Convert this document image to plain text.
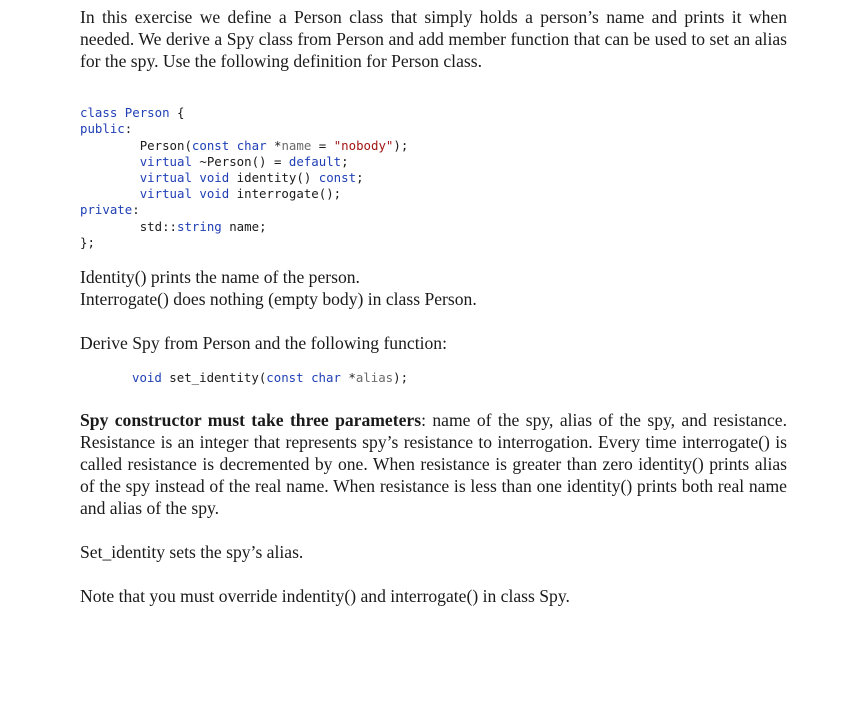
In this exercise we define a Person class that simply holds a person’s name and prints it when needed. We derive a Spy class from Person and add member function that can be used to set an alias for the spy. Use the following definition for Person class.

class Person {
public:
Person(const char *name = "nobody");
virtual ~Person() = default;
virtual void identity() const;
virtual void interrogate();
private:
std::string name;
};

Identity() prints the name of the person.

Interrogate() does nothing (empty body) in class Person.

Derive Spy from Person and the following function:

void set_identity(const char *alias);

Spy constructor must take three parameters: name of the spy, alias of the spy, and resistance. Resistance is an integer that represents spy’s resistance to interrogation. Every time interrogate() is called resistance is decremented by one. When resistance is greater than zero identity() prints alias of the spy instead of the real name. When resistance is less than one identity() prints both real name and alias of the spy.

Set_identity sets the spy’s alias.

Note that you must override indentity() and interrogate() in class Spy.
